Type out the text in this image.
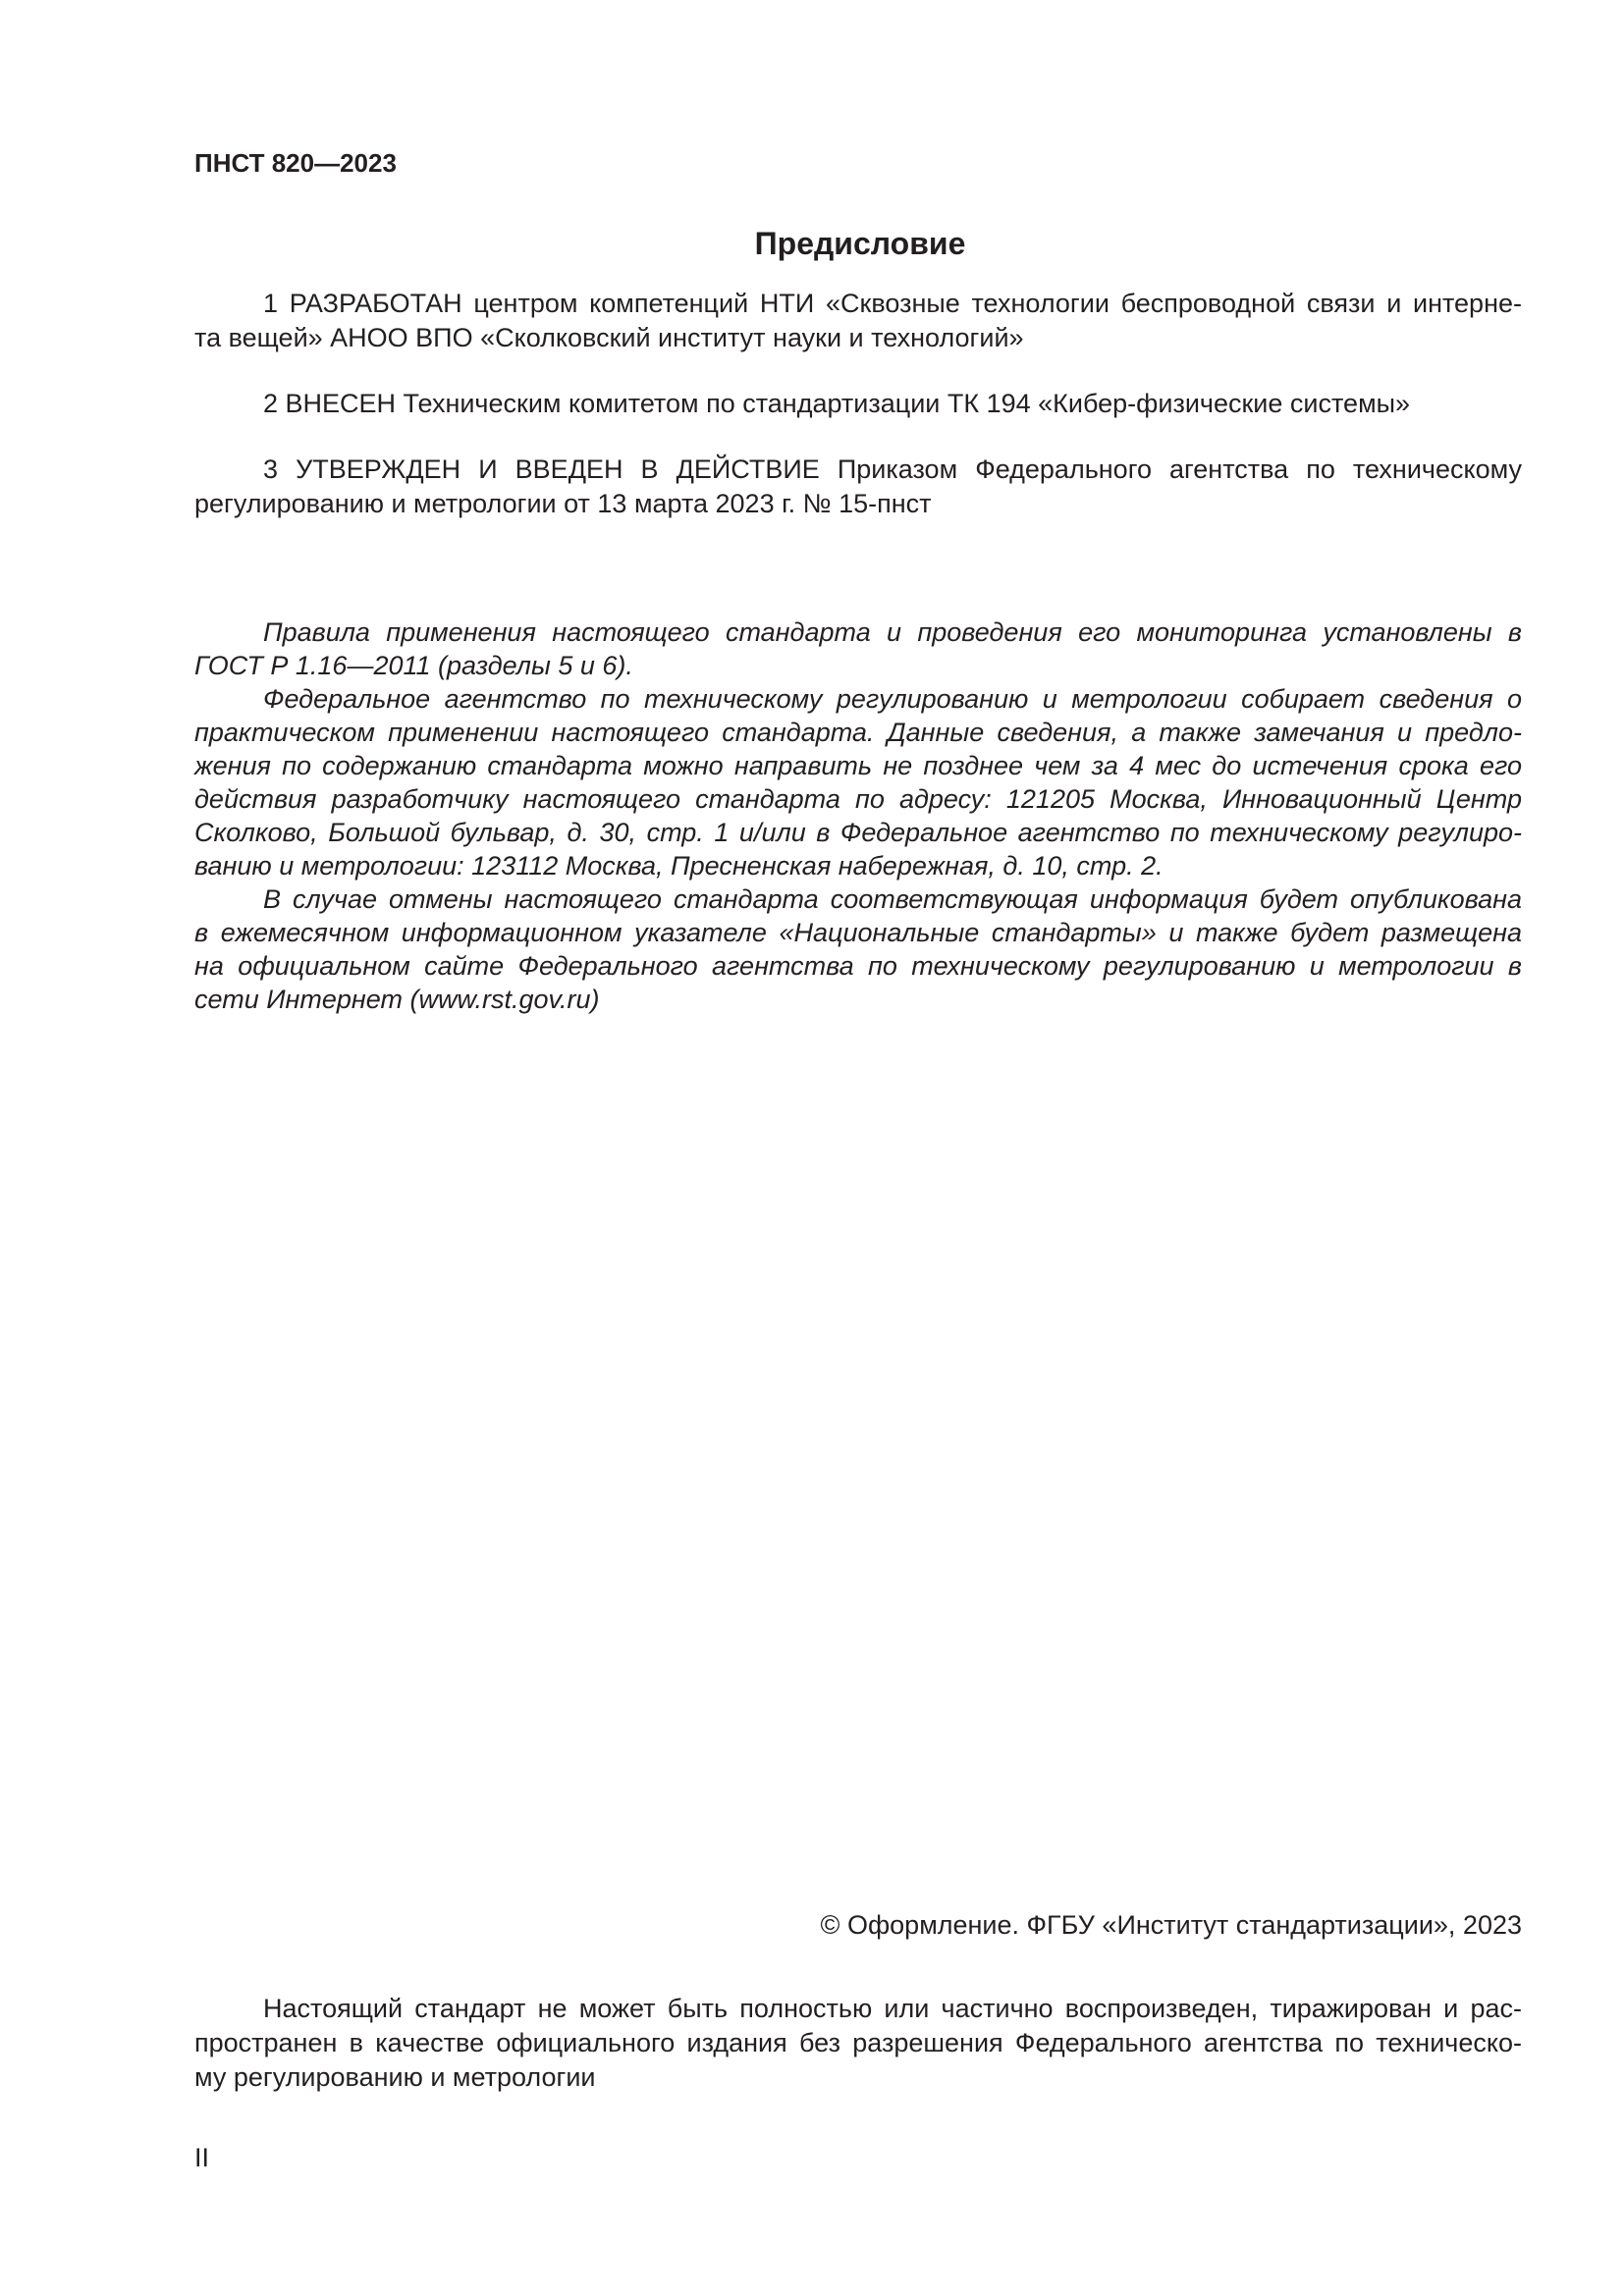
ПНСТ 820—2023
Предисловие
1 РАЗРАБОТАН центром компетенций НТИ «Сквозные технологии беспроводной связи и интерне-
та вещей» АНОО ВПО «Сколковский институт науки и технологий»
2 ВНЕСЕН Техническим комитетом по стандартизации ТК 194 «Кибер-физические системы»
3 УТВЕРЖДЕН И ВВЕДЕН В ДЕЙСТВИЕ Приказом Федерального агентства по техническому
регулированию и метрологии от 13 марта 2023 г. № 15-пнст
Правила применения настоящего стандарта и проведения его мониторинга установлены в
ГОСТ Р 1.16—2011 (разделы 5 и 6).
Федеральное агентство по техническому регулированию и метрологии собирает сведения о
практическом применении настоящего стандарта. Данные сведения, а также замечания и предло-
жения по содержанию стандарта можно направить не позднее чем за 4 мес до истечения срока его
действия разработчику настоящего стандарта по адресу: 121205 Москва, Инновационный Центр
Сколково, Большой бульвар, д. 30, стр. 1 и/или в Федеральное агентство по техническому регулиро-
ванию и метрологии: 123112 Москва, Пресненская набережная, д. 10, стр. 2.
В случае отмены настоящего стандарта соответствующая информация будет опубликована
в ежемесячном информационном указателе «Национальные стандарты» и также будет размещена
на официальном сайте Федерального агентства по техническому регулированию и метрологии в
сети Интернет (www.rst.gov.ru)
© Оформление. ФГБУ «Институт стандартизации», 2023
Настоящий стандарт не может быть полностью или частично воспроизведен, тиражирован и рас-
пространен в качестве официального издания без разрешения Федерального агентства по техническо-
му регулированию и метрологии
II
